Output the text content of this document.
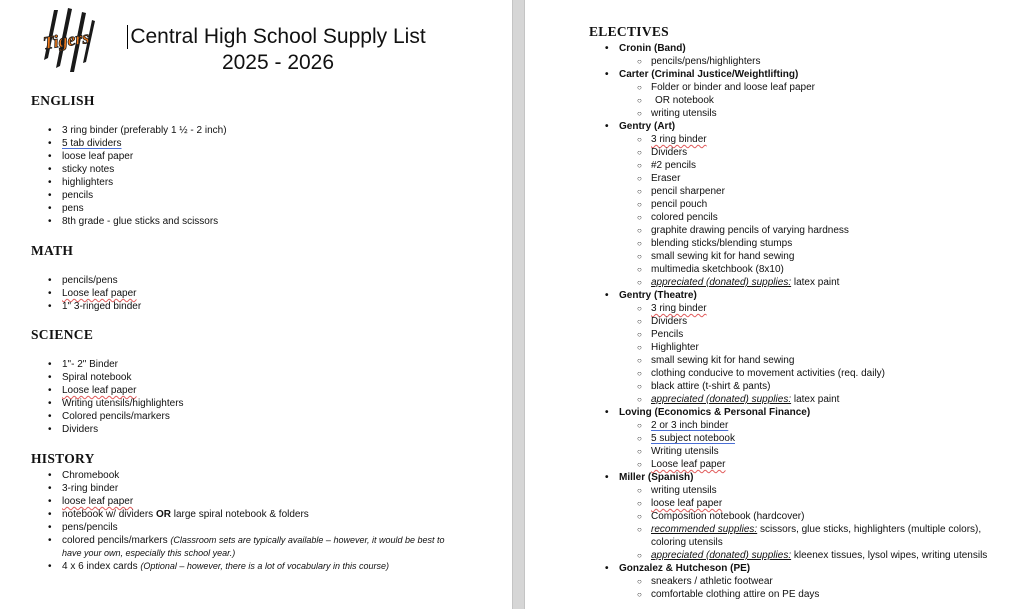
Tigers Central High School Supply List
2025 - 2026
ENGLISH
• 3 ring binder (preferably 1 ½ - 2 inch)
• 5 tab dividers
• loose leaf paper
• sticky notes
• highlighters
• pencils
• pens
• 8th grade - glue sticks and scissors
MATH
• pencils/pens
• Loose leaf paper
• 1" 3-ringed binder
SCIENCE
• 1"- 2" Binder
• Spiral notebook
• Loose leaf paper
• Writing utensils/highlighters
• Colored pencils/markers
• Dividers
HISTORY
• Chromebook
• 3-ring binder
• loose leaf paper
• notebook w/ dividers OR large spiral notebook & folders
• pens/pencils
• colored pencils/markers (Classroom sets are typically available – however, it would be best to have your own, especially this school year.)
• 4 x 6 index cards (Optional – however, there is a lot of vocabulary in this course)
ELECTIVES
• Cronin (Band)
○ pencils/pens/highlighters
• Carter (Criminal Justice/Weightlifting)
○ Folder or binder and loose leaf paper
○ OR notebook
○ writing utensils
• Gentry (Art)
○ 3 ring binder
○ Dividers
○ #2 pencils
○ Eraser
○ pencil sharpener
○ pencil pouch
○ colored pencils
○ graphite drawing pencils of varying hardness
○ blending sticks/blending stumps
○ small sewing kit for hand sewing
○ multimedia sketchbook (8x10)
○ appreciated (donated) supplies: latex paint
• Gentry (Theatre)
○ 3 ring binder
○ Dividers
○ Pencils
○ Highlighter
○ small sewing kit for hand sewing
○ clothing conducive to movement activities (req. daily)
○ black attire (t-shirt & pants)
○ appreciated (donated) supplies: latex paint
• Loving (Economics & Personal Finance)
○ 2 or 3 inch binder
○ 5 subject notebook
○ Writing utensils
○ Loose leaf paper
• Miller (Spanish)
○ writing utensils
○ loose leaf paper
○ Composition notebook (hardcover)
○ recommended supplies: scissors, glue sticks, highlighters (multiple colors), coloring utensils
○ appreciated (donated) supplies: kleenex tissues, lysol wipes, writing utensils
• Gonzalez & Hutcheson (PE)
○ sneakers / athletic footwear
○ comfortable clothing attire on PE days
